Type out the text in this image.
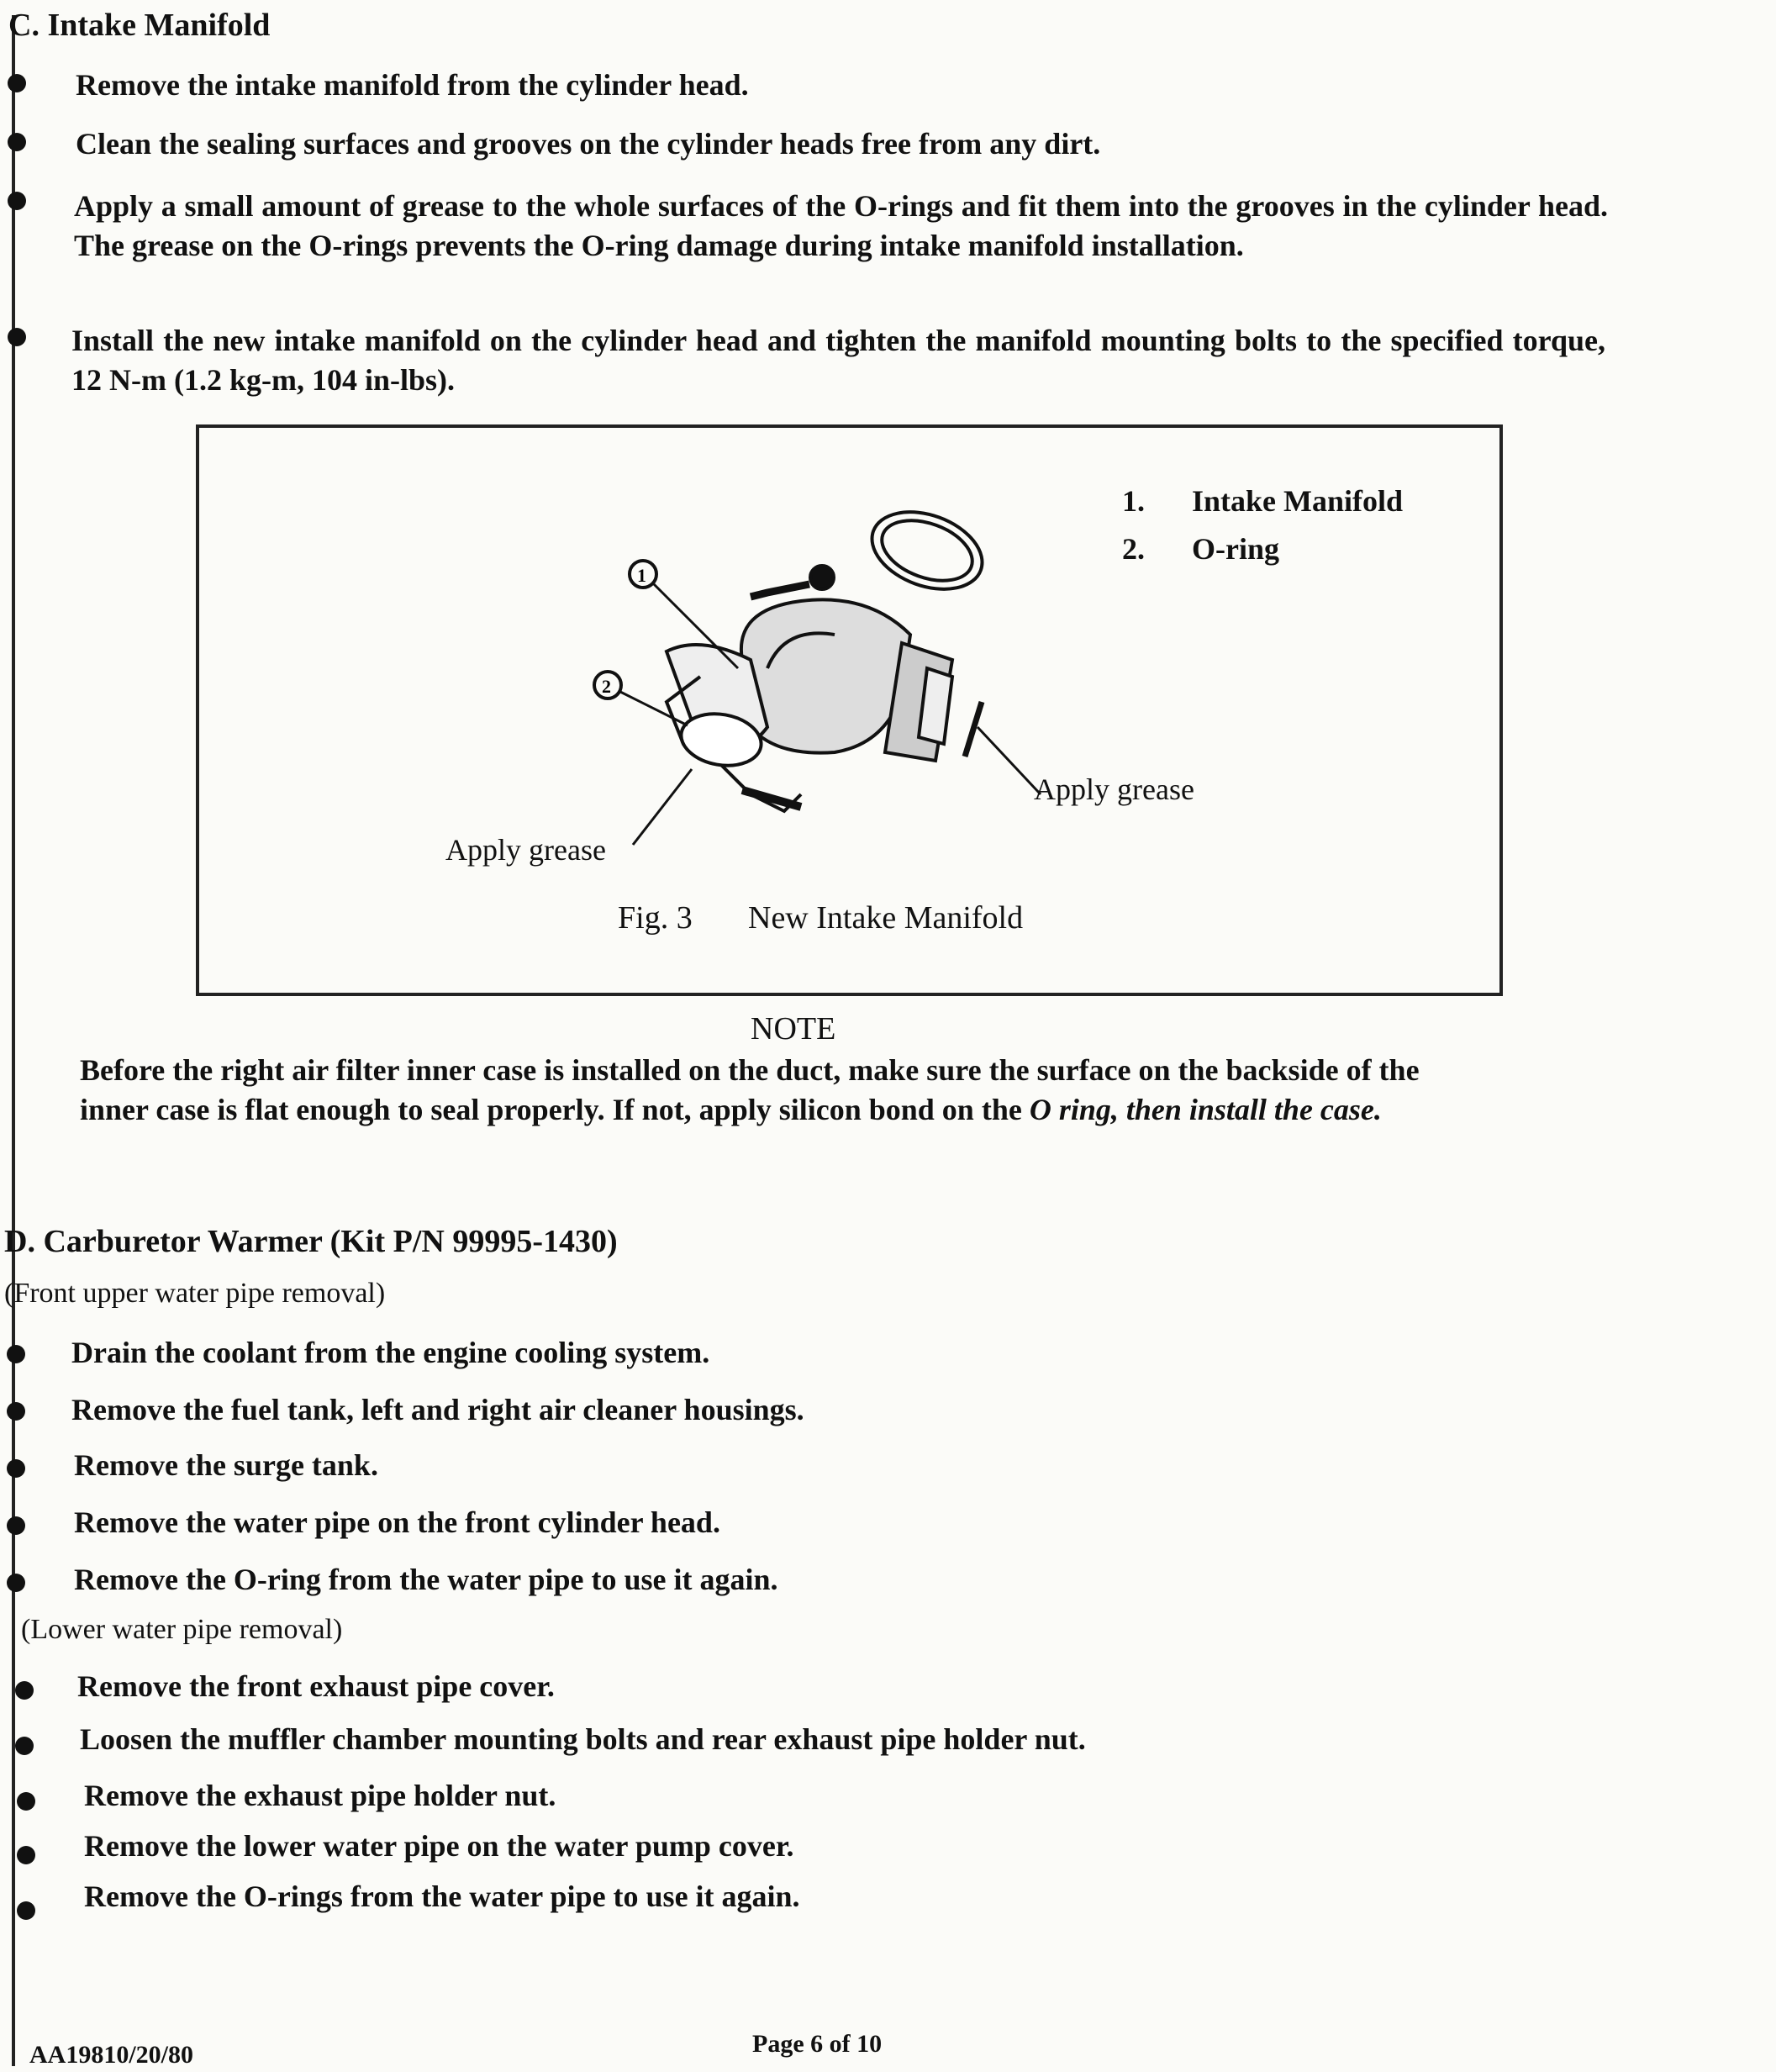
C. Intake Manifold
Remove the intake manifold from the cylinder head.
Clean the sealing surfaces and grooves on the cylinder heads free from any dirt.
Apply a small amount of grease to the whole surfaces of the O-rings and fit them into the grooves in the cylinder head. The grease on the O-rings prevents the O-ring damage during intake manifold installation.
Install the new intake manifold on the cylinder head and tighten the manifold mounting bolts to the specified torque, 12 N-m (1.2 kg-m, 104 in-lbs).
1
2
1. Intake Manifold
2. O-ring
Apply grease
Apply grease
Fig. 3 New Intake Manifold
NOTE
Before the right air filter inner case is installed on the duct, make sure the surface on the backside of the inner case is flat enough to seal properly. If not, apply silicon bond on the O ring, then install the case.
D. Carburetor Warmer (Kit P/N 99995-1430)
(Front upper water pipe removal)
Drain the coolant from the engine cooling system.
Remove the fuel tank, left and right air cleaner housings.
Remove the surge tank.
Remove the water pipe on the front cylinder head.
Remove the O-ring from the water pipe to use it again.
(Lower water pipe removal)
Remove the front exhaust pipe cover.
Loosen the muffler chamber mounting bolts and rear exhaust pipe holder nut.
Remove the exhaust pipe holder nut.
Remove the lower water pipe on the water pump cover.
Remove the O-rings from the water pipe to use it again.
AA19810/20/80	Page 6 of 10
